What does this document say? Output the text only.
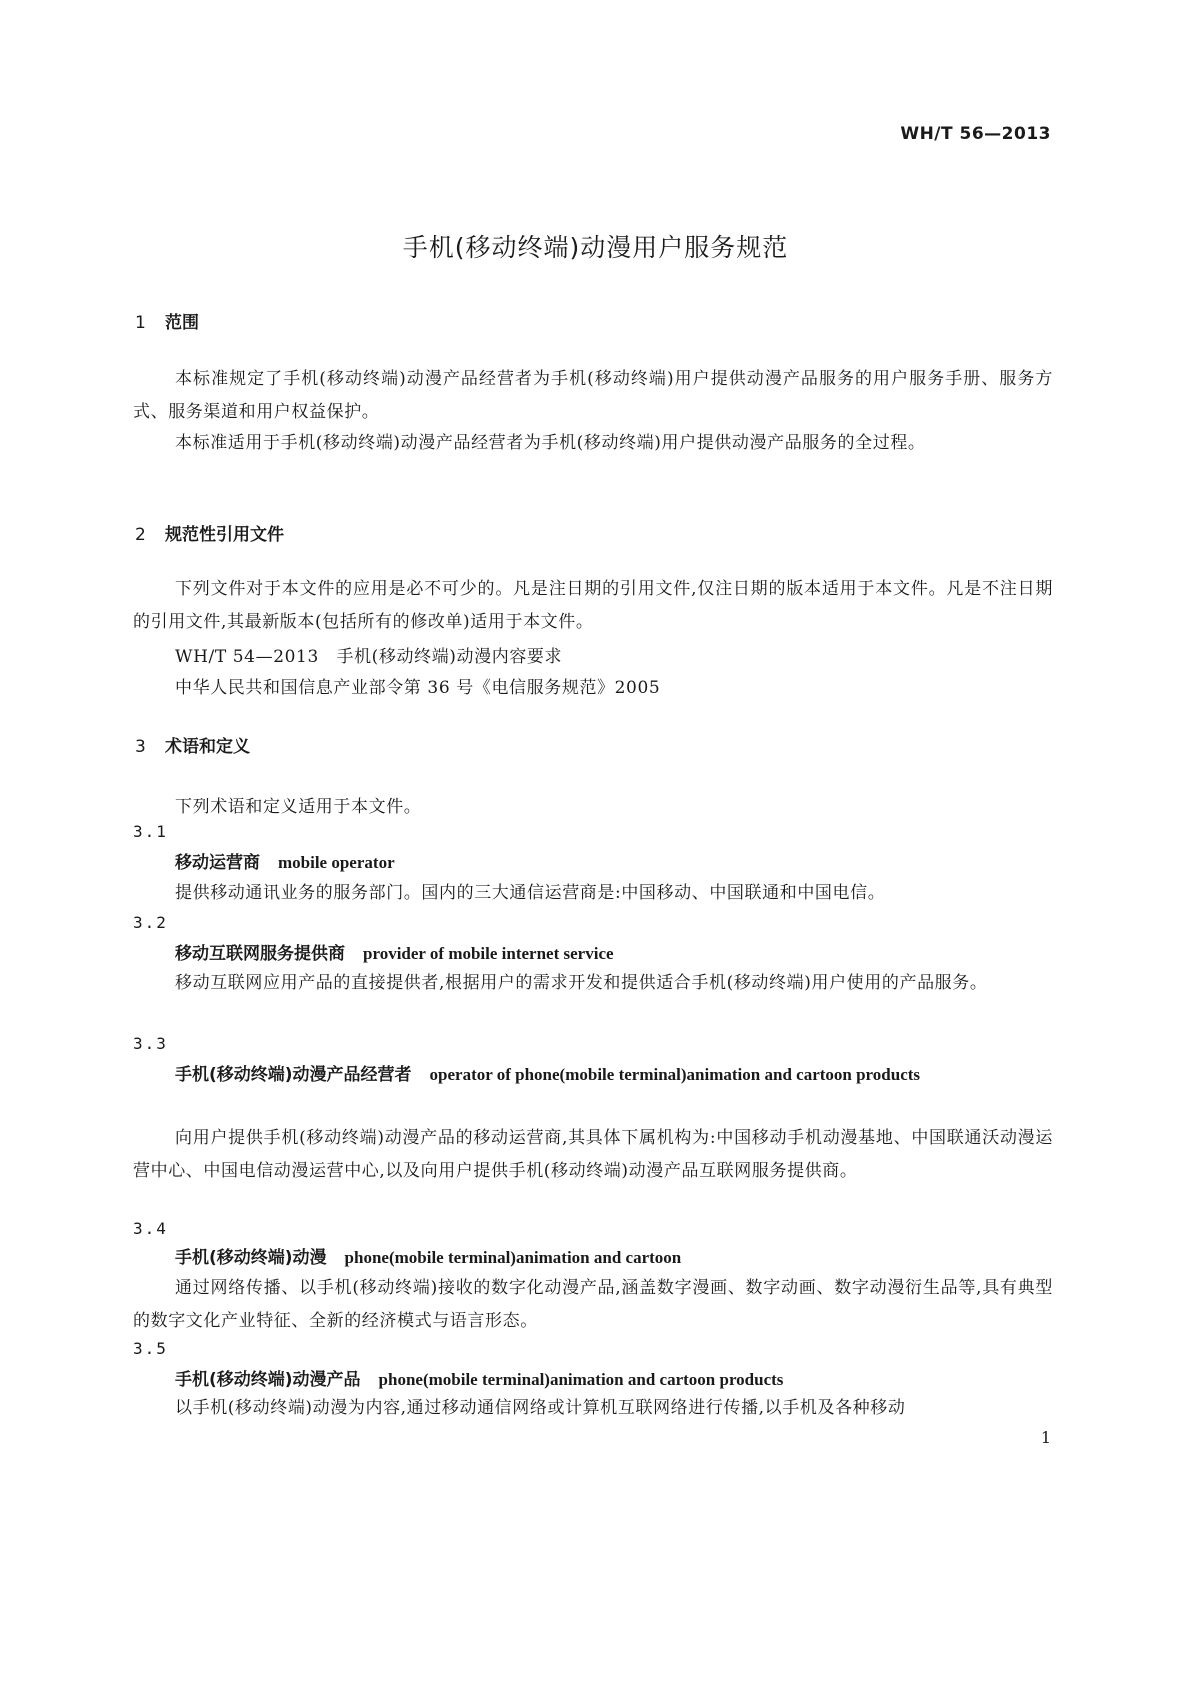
WH/T 56—2013
手机(移动终端)动漫用户服务规范
1 范围
本标准规定了手机(移动终端)动漫产品经营者为手机(移动终端)用户提供动漫产品服务的用户服务手册、服务方式、服务渠道和用户权益保护。
本标准适用于手机(移动终端)动漫产品经营者为手机(移动终端)用户提供动漫产品服务的全过程。
2 规范性引用文件
下列文件对于本文件的应用是必不可少的。凡是注日期的引用文件,仅注日期的版本适用于本文件。凡是不注日期的引用文件,其最新版本(包括所有的修改单)适用于本文件。
WH/T 54—2013　手机(移动终端)动漫内容要求
中华人民共和国信息产业部令第 36 号《电信服务规范》2005
3 术语和定义
下列术语和定义适用于本文件。
3.1
移动运营商 mobile operator
提供移动通讯业务的服务部门。国内的三大通信运营商是:中国移动、中国联通和中国电信。
3.2
移动互联网服务提供商 provider of mobile internet service
移动互联网应用产品的直接提供者,根据用户的需求开发和提供适合手机(移动终端)用户使用的产品服务。
3.3
手机(移动终端)动漫产品经营者 operator of phone(mobile terminal)animation and cartoon products
向用户提供手机(移动终端)动漫产品的移动运营商,其具体下属机构为:中国移动手机动漫基地、中国联通沃动漫运营中心、中国电信动漫运营中心,以及向用户提供手机(移动终端)动漫产品互联网服务提供商。
3.4
手机(移动终端)动漫 phone(mobile terminal)animation and cartoon
通过网络传播、以手机(移动终端)接收的数字化动漫产品,涵盖数字漫画、数字动画、数字动漫衍生品等,具有典型的数字文化产业特征、全新的经济模式与语言形态。
3.5
手机(移动终端)动漫产品 phone(mobile terminal)animation and cartoon products
以手机(移动终端)动漫为内容,通过移动通信网络或计算机互联网络进行传播,以手机及各种移动
1
